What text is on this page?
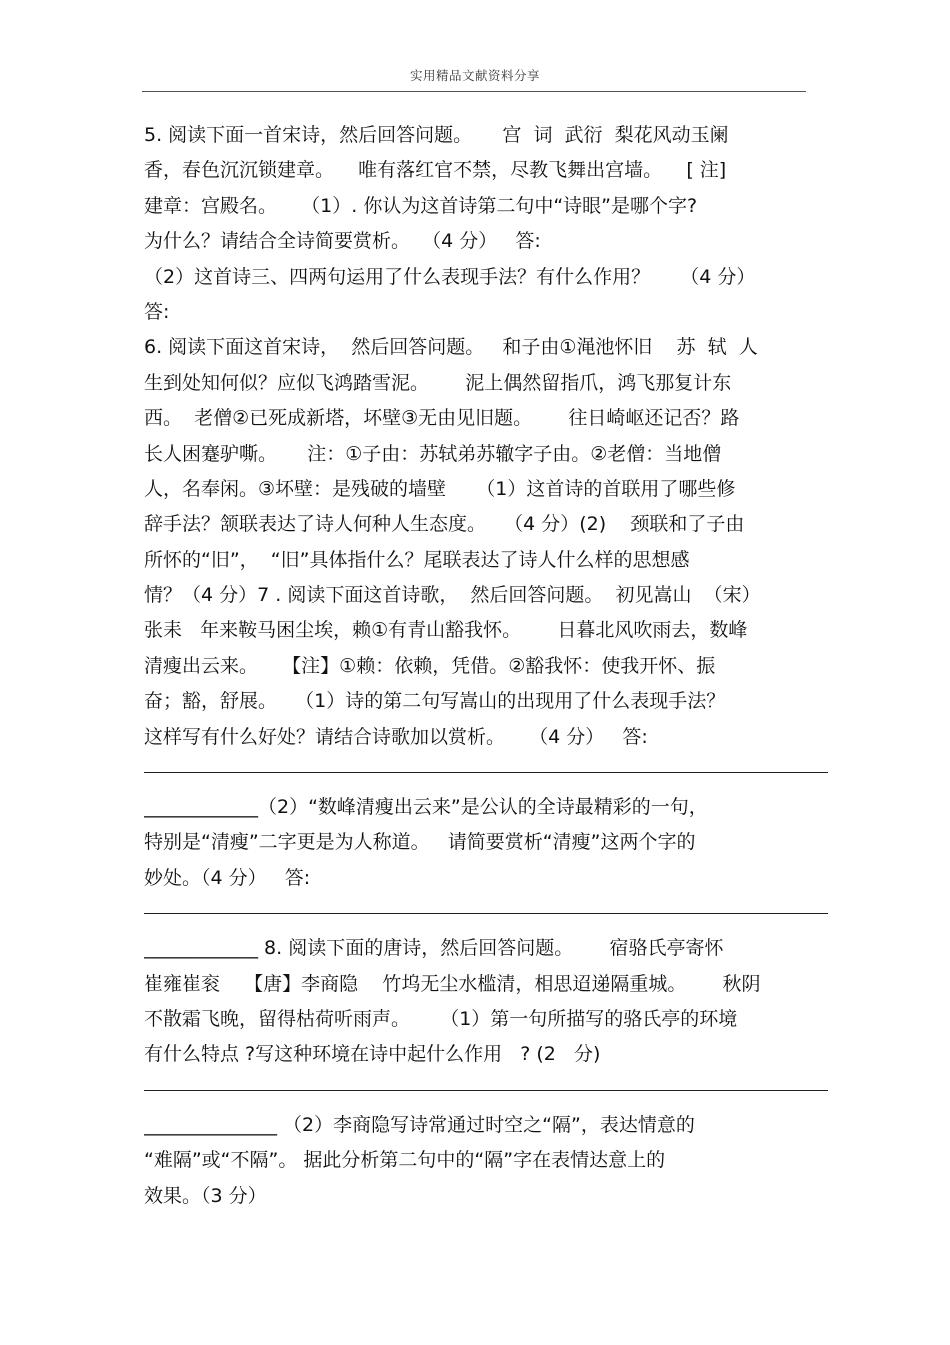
实用精品文献资料分享
5. 阅读下面一首宋诗，然后回答问题。     宫  词  武衍  梨花风动玉阑
香，春色沉沉锁建章。    唯有落红官不禁，尽教飞舞出宫墙。    [ 注]
建章：宫殿名。    （1）. 你认为这首诗第二句中“诗眼”是哪个字?
为什么？请结合全诗简要赏析。  （4 分）   答:
（2）这首诗三、四两句运用了什么表现手法？有什么作用？     （4 分）
答:
6. 阅读下面这首宋诗，  然后回答问题。   和子由①渑池怀旧    苏  轼  人
生到处知何似？应似飞鸿踏雪泥。      泥上偶然留指爪，鸿飞那复计东
西。  老僧②已死成新塔，坏壁③无由见旧题。      往日崎岖还记否？路
长人困蹇驴嘶。     注：①子由：苏轼弟苏辙字子由。②老僧：当地僧
人，名奉闲。③坏壁：是残破的墙壁     （1）这首诗的首联用了哪些修
辞手法？颔联表达了诗人何种人生态度。   （4 分）(2)    颈联和了子由
所怀的“旧”，  “旧”具体指什么？尾联表达了诗人什么样的思想感
情？（4 分）7 . 阅读下面这首诗歌，  然后回答问题。  初见嵩山  （宋）
张耒   年来鞍马困尘埃，赖①有青山豁我怀。      日暮北风吹雨去，数峰
清瘦出云来。    【注】①赖：依赖，凭借。②豁我怀：使我开怀、振
奋；豁，舒展。   （1）诗的第二句写嵩山的出现用了什么表现手法？
这样写有什么好处？请结合诗歌加以赏析。    （4 分）   答:
____________（2）“数峰清瘦出云来”是公认的全诗最精彩的一句，
特别是“清瘦”二字更是为人称道。   请简要赏析“清瘦”这两个字的
妙处。（4 分）   答:
____________ 8. 阅读下面的唐诗，然后回答问题。      宿骆氏亭寄怀
崔雍崔衮    【唐】李商隐    竹坞无尘水槛清，相思迢递隔重城。      秋阴
不散霜飞晚，留得枯荷听雨声。     （1）第一句所描写的骆氏亭的环境
有什么特点 ?写这种环境在诗中起什么作用   ? (2   分)
______________ （2）李商隐写诗常通过时空之“隔”，表达情意的
“难隔”或“不隔”。 据此分析第二句中的“隔”字在表情达意上的
效果。（3 分）
